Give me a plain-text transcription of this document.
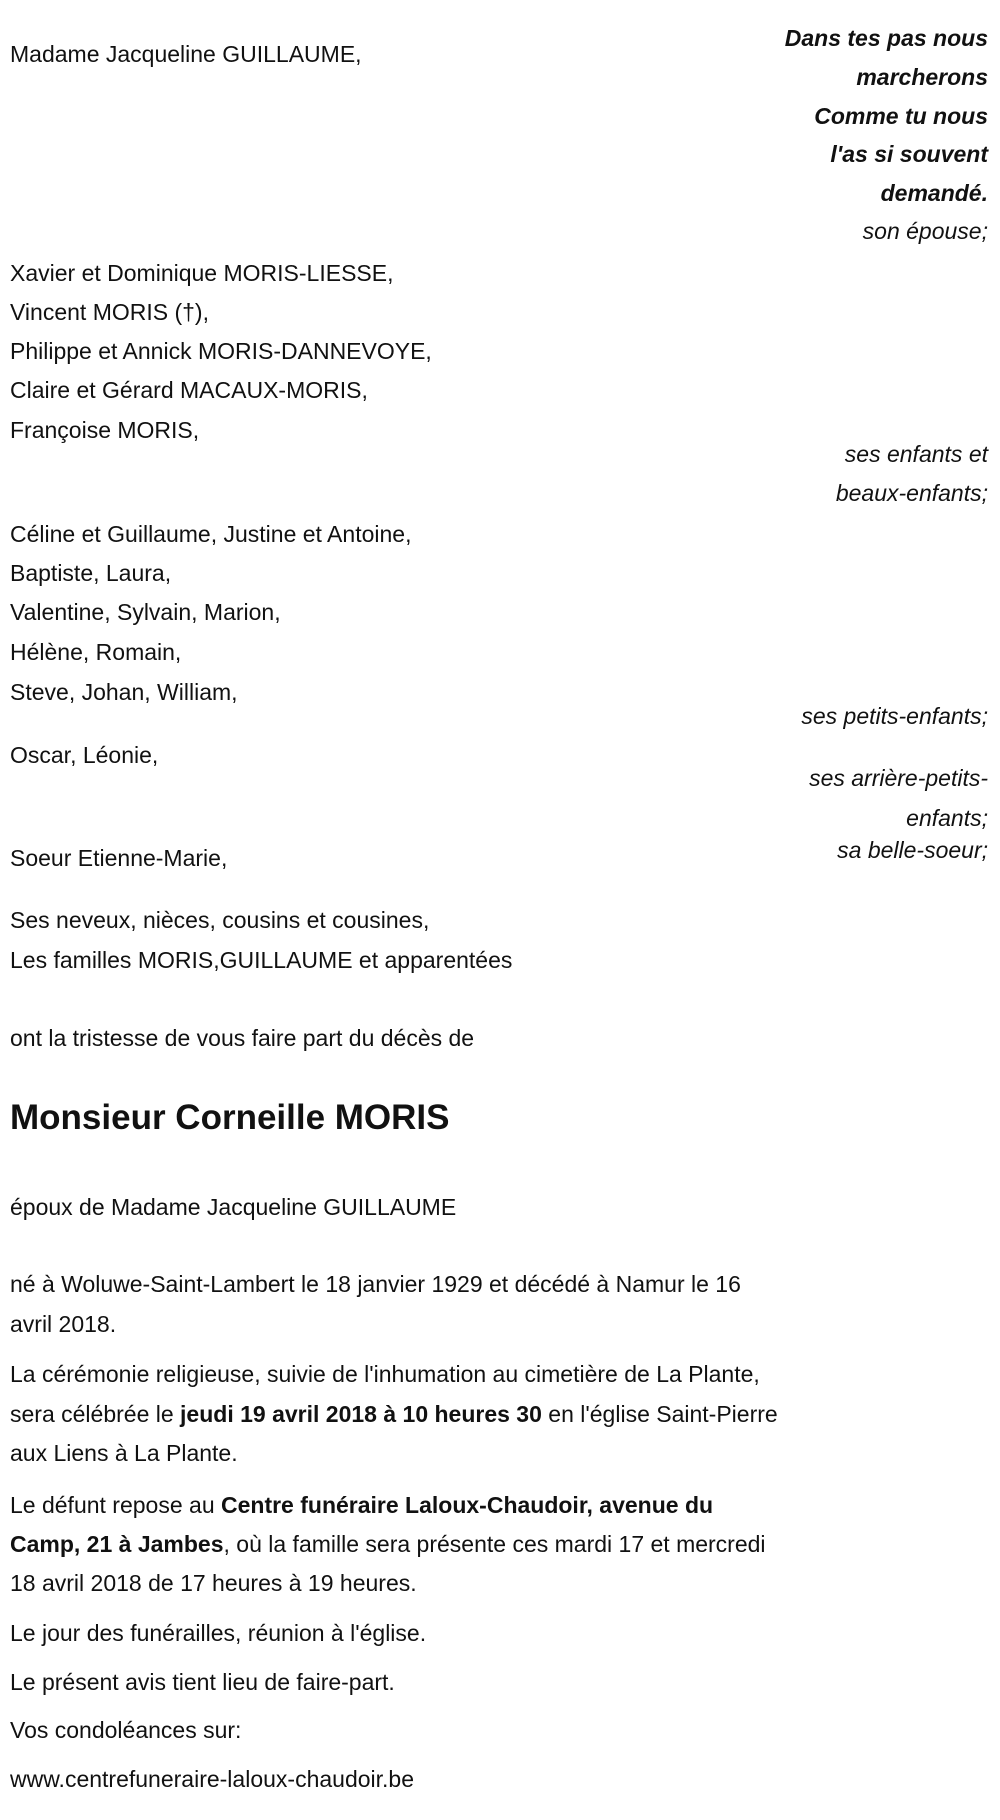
Madame Jacqueline GUILLAUME,
Dans tes pas nous
marcherons
Comme tu nous
l'as si souvent
demandé.
son épouse;
Xavier et Dominique MORIS-LIESSE,
Vincent MORIS (†),
Philippe et Annick MORIS-DANNEVOYE,
Claire et Gérard MACAUX-MORIS,
Françoise MORIS,
ses enfants et
beaux-enfants;
Céline et Guillaume, Justine et Antoine,
Baptiste, Laura,
Valentine, Sylvain, Marion,
Hélène, Romain,
Steve, Johan, William,
ses petits-enfants;
Oscar, Léonie,
ses arrière-petits-
enfants;
Soeur Etienne-Marie,	sa belle-soeur;
Ses neveux, nièces, cousins et cousines,
Les familles MORIS,GUILLAUME et apparentées
ont la tristesse de vous faire part du décès de
Monsieur Corneille MORIS
époux de Madame Jacqueline GUILLAUME
né à Woluwe-Saint-Lambert le 18 janvier 1929 et décédé à Namur le 16
avril 2018.
La cérémonie religieuse, suivie de l'inhumation au cimetière de La Plante,
sera célébrée le jeudi 19 avril 2018 à 10 heures 30 en l'église Saint-Pierre
aux Liens à La Plante.
Le défunt repose au Centre funéraire Laloux-Chaudoir, avenue du
Camp, 21 à Jambes, où la famille sera présente ces mardi 17 et mercredi
18 avril 2018 de 17 heures à 19 heures.
Le jour des funérailles, réunion à l'église.
Le présent avis tient lieu de faire-part.
Vos condoléances sur:
www.centrefuneraire-laloux-chaudoir.be
